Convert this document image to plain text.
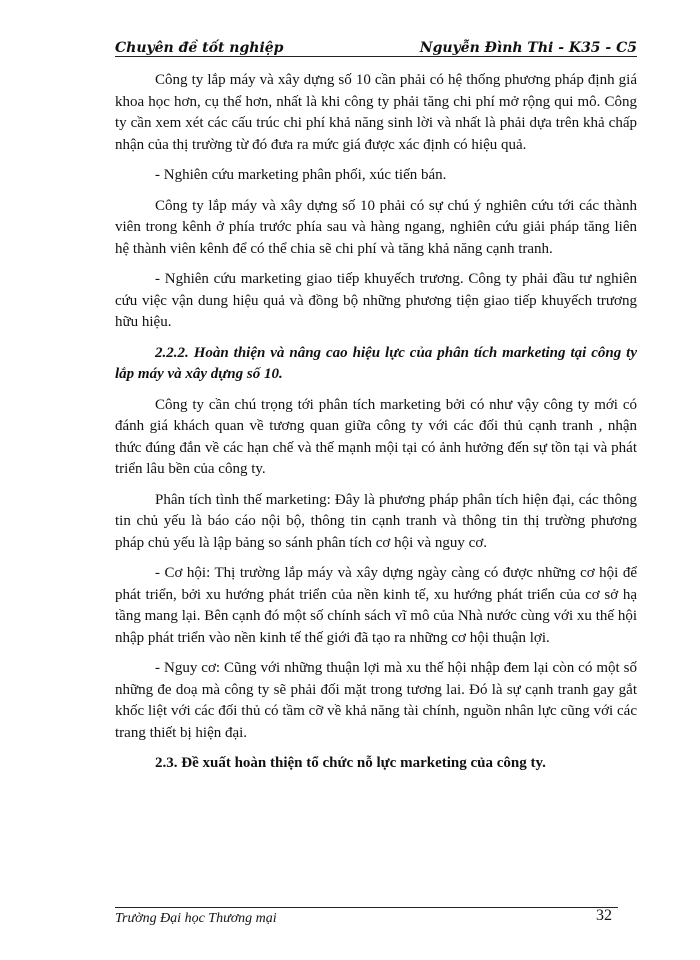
Chuyên đề tốt nghiệp	Nguyễn Đình Thi - K35 - C5

Công ty lắp máy và xây dựng số 10 cần phải có hệ thống phương pháp định giá khoa học hơn, cụ thể hơn, nhất là khi công ty phải tăng chi phí mở rộng qui mô. Công ty cần xem xét các cấu trúc chi phí khả năng sinh lời và nhất là phải dựa trên khả chấp nhận của thị trường từ đó đưa ra mức giá được xác định có hiệu quả.

- Nghiên cứu marketing phân phối, xúc tiến bán.

Công ty lắp máy và xây dựng số 10 phải có sự chú ý nghiên cứu tới các thành viên trong kênh ở phía trước phía sau và hàng ngang, nghiên cứu giải pháp tăng liên hệ thành viên kênh để có thể chia sẽ chi phí và tăng khả năng cạnh tranh.

- Nghiên cứu marketing giao tiếp khuyếch trương. Công ty phải đầu tư nghiên cứu việc vận dung hiệu quả và đồng bộ những phương tiện giao tiếp khuyếch trương hữu hiệu.

2.2.2. Hoàn thiện và nâng cao hiệu lực của phân tích marketing tại công ty lắp máy và xây dựng số 10.

Công ty cần chú trọng tới phân tích marketing bởi có như vậy công ty mới có đánh giá khách quan về tương quan giữa công ty với các đối thủ cạnh tranh , nhận thức đúng đắn về các hạn chế và thế mạnh mội tại có ảnh hưởng đến sự tồn tại và phát triển lâu bền của công ty.

Phân tích tình thế marketing: Đây là phương pháp phân tích hiện đại, các thông tin chủ yếu là báo cáo nội bộ, thông tin cạnh tranh và thông tin thị trường phương pháp chủ yếu là lập bảng so sánh phân tích cơ hội và nguy cơ.

- Cơ hội: Thị trường lắp máy và xây dựng ngày càng có được những cơ hội để phát triển, bởi xu hướng phát triển của nền kinh tế, xu hướng phát triển của cơ sở hạ tầng mang lại. Bên cạnh đó một số chính sách vĩ mô của Nhà nước cùng với xu thế hội nhập phát triển vào nền kinh tế thế giới đã tạo ra những cơ hội thuận lợi.

- Nguy cơ: Cũng với những thuận lợi mà xu thế hội nhập đem lại còn có một số những đe doạ mà công ty sẽ phải đối mặt trong tương lai. Đó là sự cạnh tranh gay gắt khốc liệt với các đối thủ có tầm cỡ về khả năng tài chính, nguồn nhân lực cũng với các trang thiết bị hiện đại.

2.3. Đề xuất hoàn thiện tổ chức nỗ lực marketing của công ty.

Trường Đại học Thương mại	32
